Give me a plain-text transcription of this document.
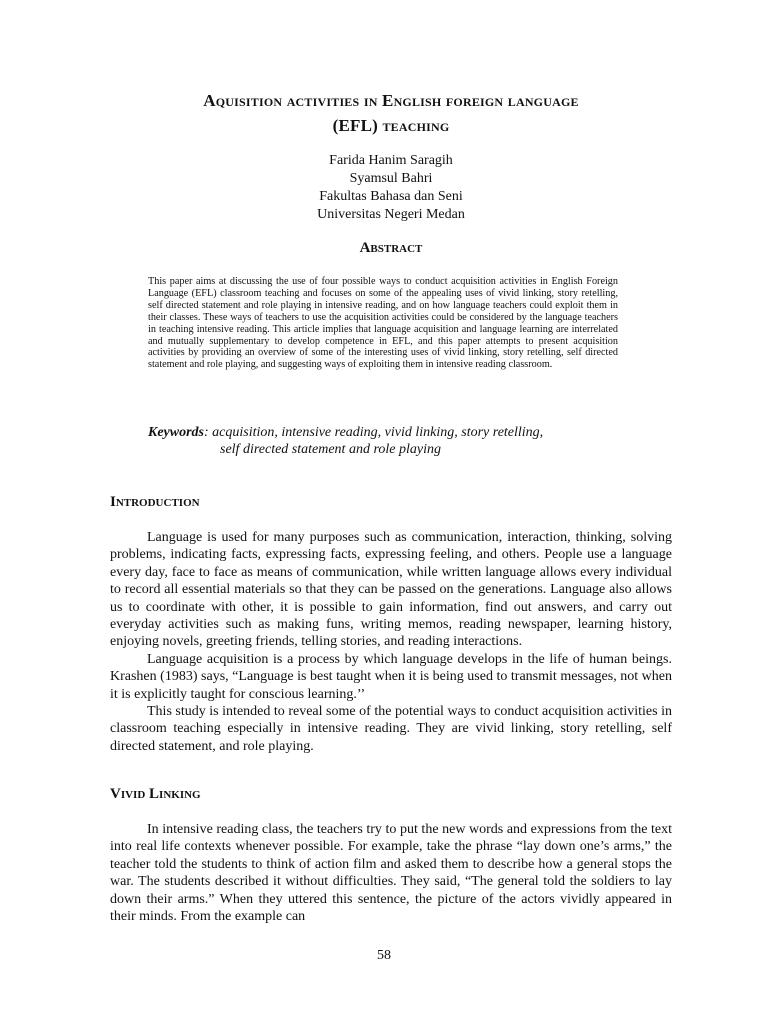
Aquisition activities in English foreign language
(EFL) teaching
Farida Hanim Saragih
Syamsul Bahri
Fakultas Bahasa dan Seni
Universitas Negeri Medan
Abstract

This paper aims at discussing the use of four possible ways to conduct acquisition activities in English Foreign Language (EFL) classroom teaching and focuses on some of the appealing uses of vivid linking, story retelling, self directed statement and role playing in intensive reading, and on how language teachers could exploit them in their classes. These ways of teachers to use the acquisition activities could be considered by the language teachers in teaching intensive reading. This article implies that language acquisition and language learning are interrelated and mutually supplementary to develop competence in EFL, and this paper attempts to present acquisition activities by providing an overview of some of the interesting uses of vivid linking, story retelling, self directed statement and role playing, and suggesting ways of exploiting them in intensive reading classroom.

Keywords: acquisition, intensive reading, vivid linking, story retelling,
self directed statement and role playing
Introduction

Language is used for many purposes such as communication, interaction, thinking, solving problems, indicating facts, expressing facts, expressing feeling, and others. People use a language every day, face to face as means of communication, while written language allows every individual to record all essential materials so that they can be passed on the generations. Language also allows us to coordinate with other, it is possible to gain information, find out answers, and carry out everyday activities such as making funs, writing memos, reading newspaper, learning history, enjoying novels, greeting friends, telling stories, and reading interactions.

Language acquisition is a process by which language develops in the life of human beings. Krashen (1983) says, “Language is best taught when it is being used to transmit messages, not when it is explicitly taught for conscious learning.’’

This study is intended to reveal some of the potential ways to conduct acquisition activities in classroom teaching especially in intensive reading. They are vivid linking, story retelling, self directed statement, and role playing.

Vivid Linking

In intensive reading class, the teachers try to put the new words and expressions from the text into real life contexts whenever possible. For example, take the phrase “lay down one’s arms,” the teacher told the students to think of action film and asked them to describe how a general stops the war. The students described it without difficulties. They said, “The general told the soldiers to lay down their arms.” When they uttered this sentence, the picture of the actors vividly appeared in their minds. From the example can

58
